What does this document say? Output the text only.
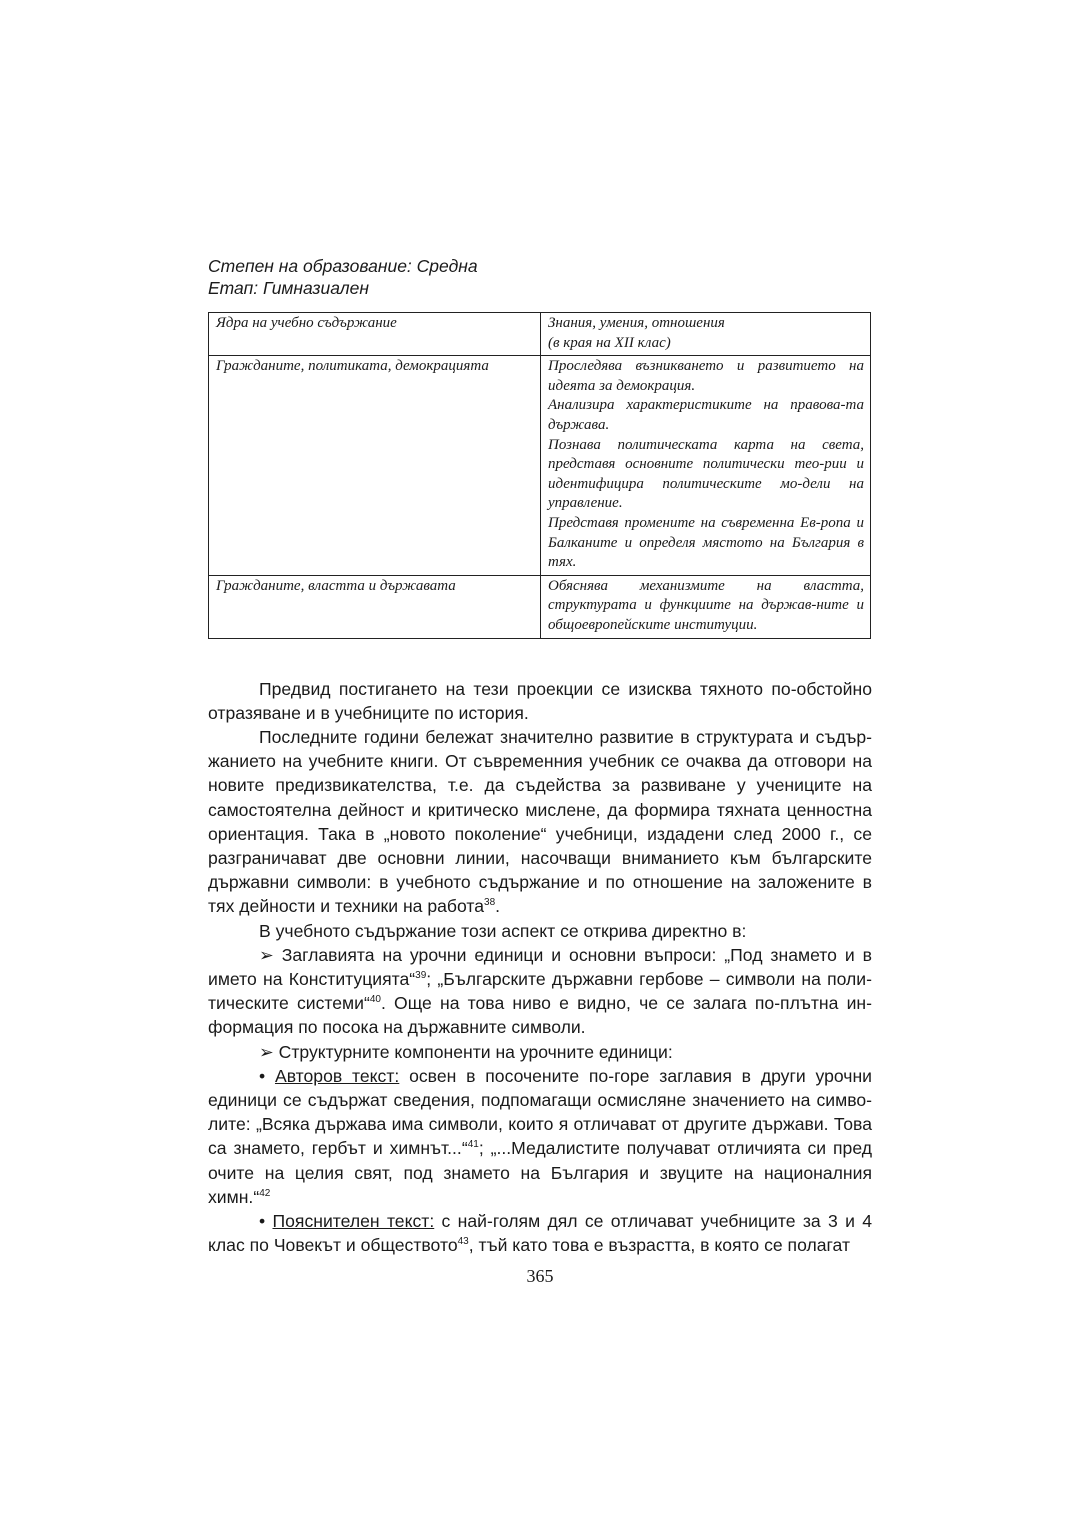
Степен на образование: Средна
Етап: Гимназиален
Ядра на учебно съдържание	Знания, умения, отношения
(в края на XII клас)

Гражданите, политиката, демокрацията	Проследява възникването и развитието на идеята за демокрация.
Анализира характеристиките на правова-та държава.
Познава политическата карта на света, представя основните политически тео-рии и идентифицира политическите мо-дели на управление.
Представя промените на съвременна Ев-ропа и Балканите и определя мястото на България в тях.

Гражданите, властта и държавата	Обяснява механизмите на властта, структурата и функциите на държав-ните и общоевропейските институции.

Предвид постигането на тези проекции се изисква тяхното по-обстойно отразяване и в учебниците по история.

Последните години бележат значително развитие в структурата и съдър-жанието на учебните книги. От съвременния учебник се очаква да отговори на новите предизвикателства, т.е. да съдейства за развиване у учениците на самостоятелна дейност и критическо мислене, да формира тяхната ценностна ориентация. Така в „новото поколение“ учебници, издадени след 2000 г., се разграничават две основни линии, насочващи вниманието към българските държавни символи: в учебното съдържание и по отношение на заложените в тях дейности и техники на работа$^{38}$.

В учебното съдържание този аспект се открива директно в:

➢ Заглавията на урочни единици и основни въпроси: „Под знамето и в името на Конституцията“$^{39}$; „Българските държавни гербове – символи на поли-тическите системи“$^{40}$. Още на това ниво е видно, че се залага по-плътна ин-формация по посока на държавните символи.

➢ Структурните компоненти на урочните единици:

• Авторов текст: освен в посочените по-горе заглавия в други урочни единици се съдържат сведения, подпомагащи осмисляне значението на симво-лите: „Всяка държава има символи, които я отличават от другите държави. Това са знамето, гербът и химнът...“$^{41}$; „...Медалистите получават отличията си пред очите на целия свят, под знамето на България и звуците на националния химн.“$^{42}$

• Пояснителен текст: с най-голям дял се отличават учебниците за 3 и 4 клас по Човекът и обществото$^{43}$, тъй като това е възрастта, в която се полагат

365
